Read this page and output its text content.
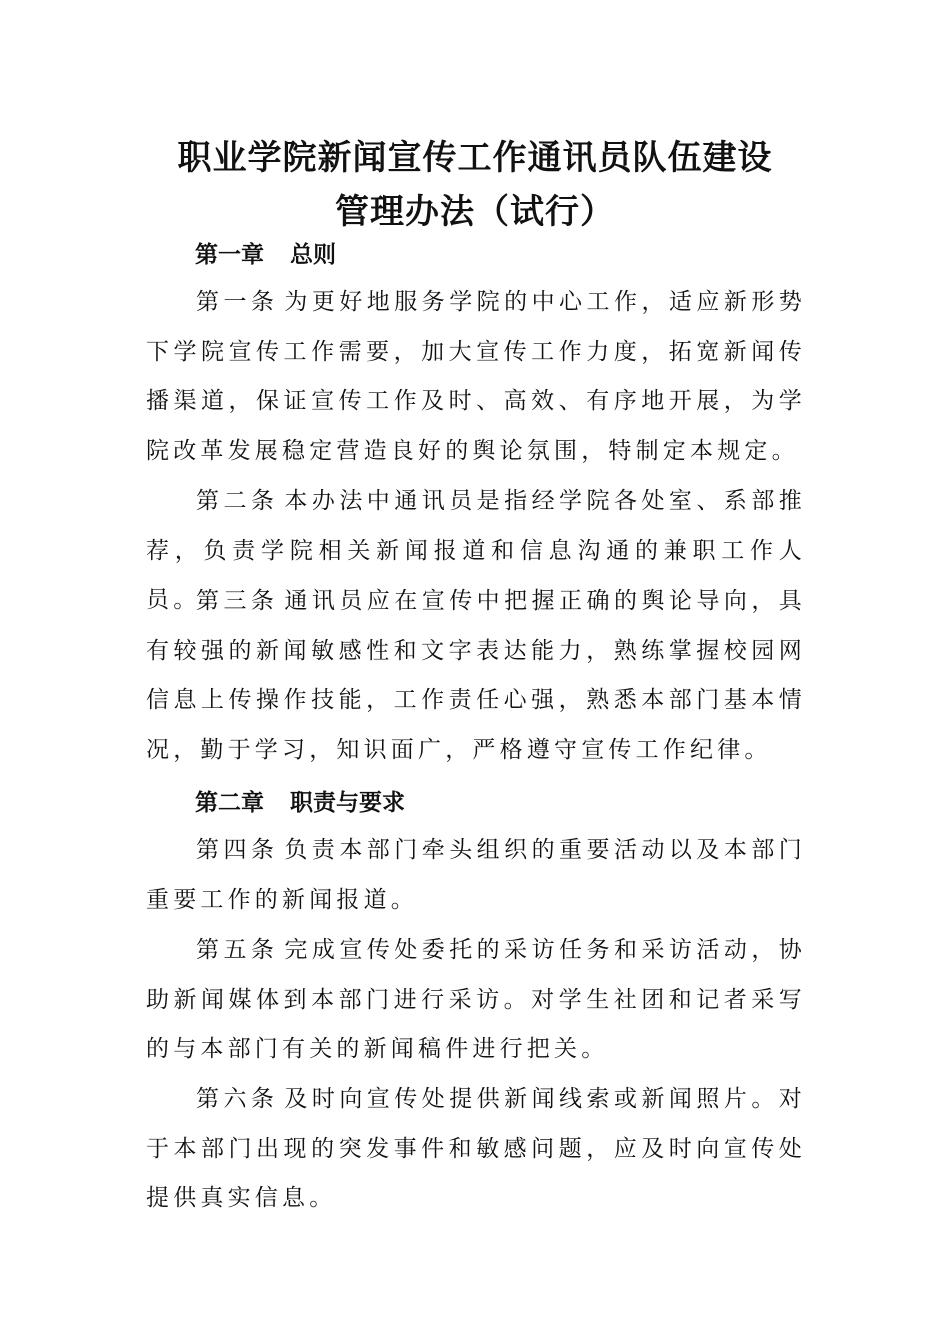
职业学院新闻宣传工作通讯员队伍建设
管理办法（试行）
第一章 总则

第一条 为更好地服务学院的中心工作，适应新形势下学院宣传工作需要，加大宣传工作力度，拓宽新闻传播渠道，保证宣传工作及时、高效、有序地开展，为学院改革发展稳定营造良好的舆论氛围，特制定本规定。

第二条 本办法中通讯员是指经学院各处室、系部推荐，负责学院相关新闻报道和信息沟通的兼职工作人员。

第三条 通讯员应在宣传中把握正确的舆论导向，具有较强的新闻敏感性和文字表达能力，熟练掌握校园网信息上传操作技能，工作责任心强，熟悉本部门基本情况，勤于学习，知识面广，严格遵守宣传工作纪律。

第二章 职责与要求

第四条 负责本部门牵头组织的重要活动以及本部门重要工作的新闻报道。

第五条 完成宣传处委托的采访任务和采访活动，协助新闻媒体到本部门进行采访。对学生社团和记者采写的与本部门有关的新闻稿件进行把关。

第六条 及时向宣传处提供新闻线索或新闻照片。对于本部门出现的突发事件和敏感问题，应及时向宣传处提供真实信息。
